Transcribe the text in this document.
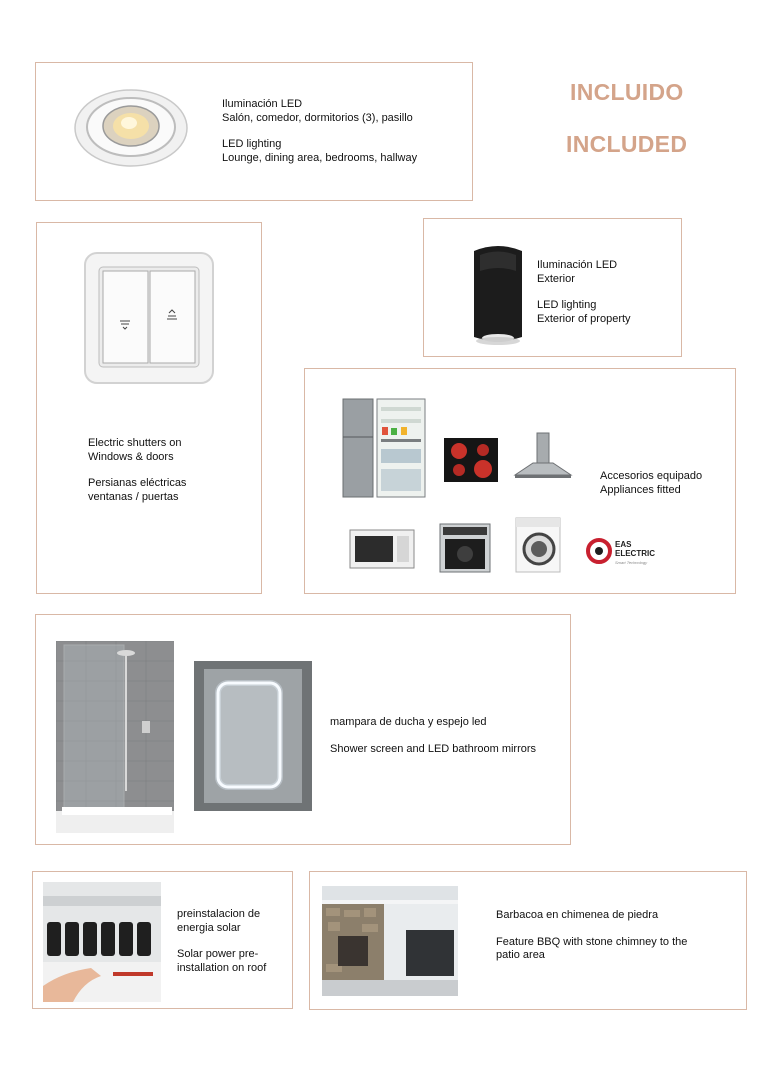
INCLUIDO
INCLUDED

Iluminación LED

Salón, comedor, dormitorios (3), pasillo

LED lighting

Lounge, dining area, bedrooms, hallway

Electric shutters on

Windows & doors

Persianas eléctricas

ventanas / puertas

Iluminación LED

Exterior

LED lighting

Exterior of property

Accesorios equipado

Appliances fitted

EAS
ELECTRIC
Smart Technology

mampara de ducha y espejo led

Shower screen and LED bathroom mirrors

preinstalacion de

energia solar

Solar power pre-

installation on roof

Barbacoa en chimenea de piedra

Feature BBQ with stone chimney to the

patio area
